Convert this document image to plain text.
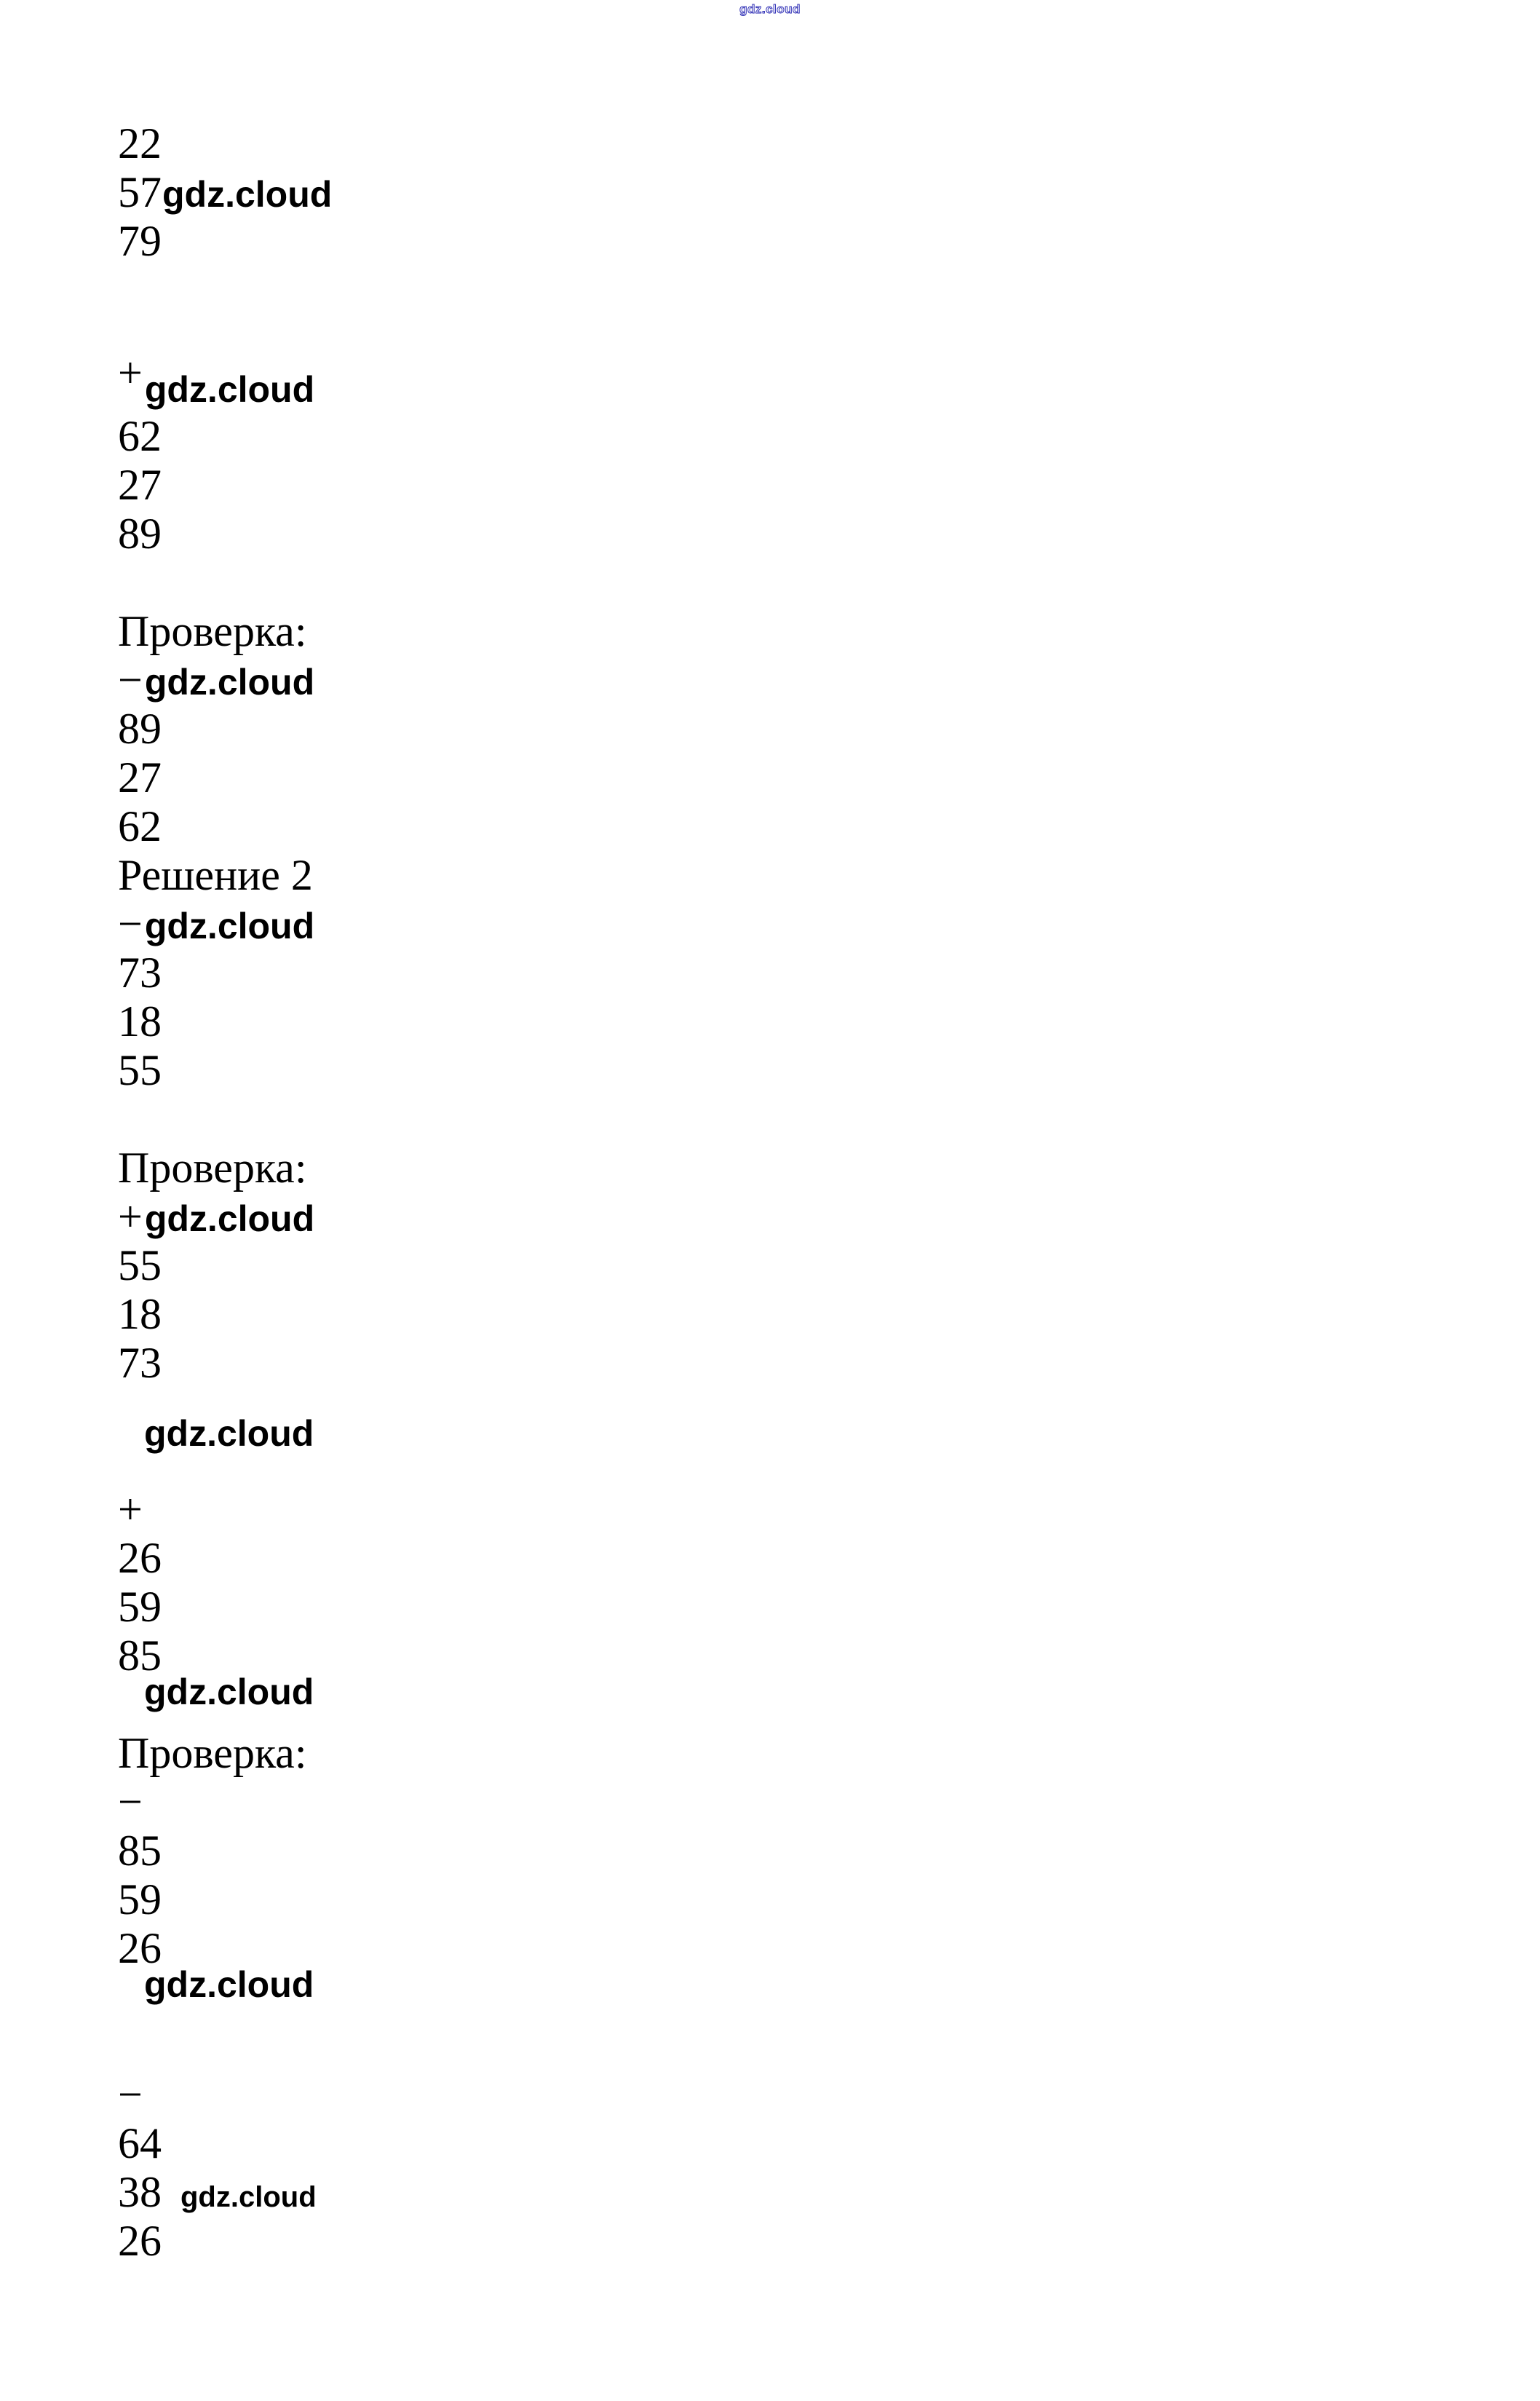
gdz.cloud
22
57gdz.cloud
79
+gdz.cloud
62
27
89
Проверка:
−gdz.cloud
89
27
62
Решение 2
−gdz.cloud
73
18
55
Проверка:
+gdz.cloud
55
18
73
gdz.cloud
+
26
59
85
gdz.cloud
Проверка:
−
85
59
26
gdz.cloud
−
64
38 gdz.cloud
26
